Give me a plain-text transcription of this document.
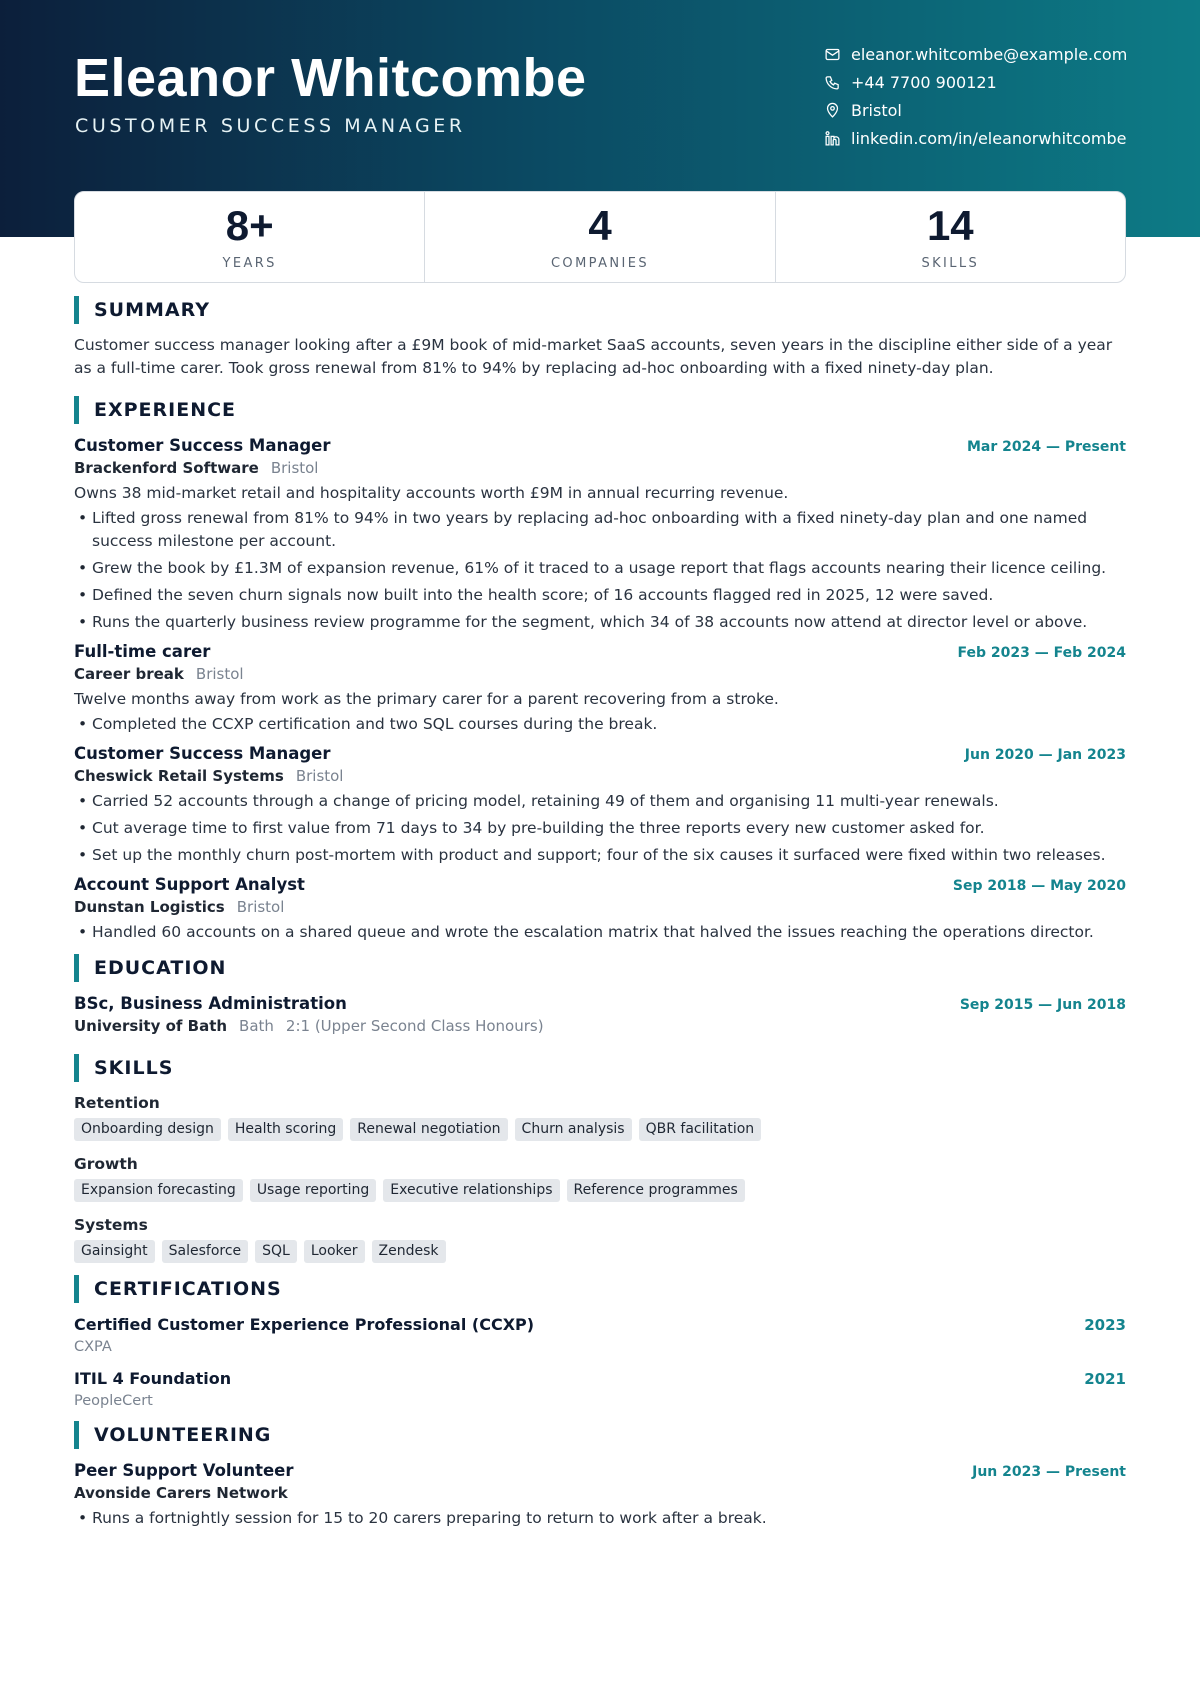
Eleanor Whitcombe
CUSTOMER SUCCESS MANAGER
eleanor.whitcombe@example.com
+44 7700 900121
Bristol
linkedin.com/in/eleanorwhitcombe
8+
YEARS
4
COMPANIES
14
SKILLS
SUMMARY
Customer success manager looking after a £9M book of mid-market SaaS accounts, seven years in the discipline either side of a year as a full-time carer. Took gross renewal from 81% to 94% by replacing ad-hoc onboarding with a fixed ninety-day plan.
EXPERIENCE
Customer Success Manager	Mar 2024 — Present
Brackenford Software Bristol
Owns 38 mid-market retail and hospitality accounts worth £9M in annual recurring revenue.
• Lifted gross renewal from 81% to 94% in two years by replacing ad-hoc onboarding with a fixed ninety-day plan and one named success milestone per account.
• Grew the book by £1.3M of expansion revenue, 61% of it traced to a usage report that flags accounts nearing their licence ceiling.
• Defined the seven churn signals now built into the health score; of 16 accounts flagged red in 2025, 12 were saved.
• Runs the quarterly business review programme for the segment, which 34 of 38 accounts now attend at director level or above.
Full-time carer	Feb 2023 — Feb 2024
Career break Bristol
Twelve months away from work as the primary carer for a parent recovering from a stroke.
• Completed the CCXP certification and two SQL courses during the break.
Customer Success Manager	Jun 2020 — Jan 2023
Cheswick Retail Systems Bristol
• Carried 52 accounts through a change of pricing model, retaining 49 of them and organising 11 multi-year renewals.
• Cut average time to first value from 71 days to 34 by pre-building the three reports every new customer asked for.
• Set up the monthly churn post-mortem with product and support; four of the six causes it surfaced were fixed within two releases.
Account Support Analyst	Sep 2018 — May 2020
Dunstan Logistics Bristol
• Handled 60 accounts on a shared queue and wrote the escalation matrix that halved the issues reaching the operations director.
EDUCATION
BSc, Business Administration	Sep 2015 — Jun 2018
University of Bath Bath 2:1 (Upper Second Class Honours)
SKILLS
Retention
Onboarding design	Health scoring	Renewal negotiation	Churn analysis	QBR facilitation
Growth
Expansion forecasting	Usage reporting	Executive relationships	Reference programmes
Systems
Gainsight	Salesforce	SQL	Looker	Zendesk
CERTIFICATIONS
Certified Customer Experience Professional (CCXP)	2023
CXPA
ITIL 4 Foundation	2021
PeopleCert
VOLUNTEERING
Peer Support Volunteer	Jun 2023 — Present
Avonside Carers Network
• Runs a fortnightly session for 15 to 20 carers preparing to return to work after a break.
